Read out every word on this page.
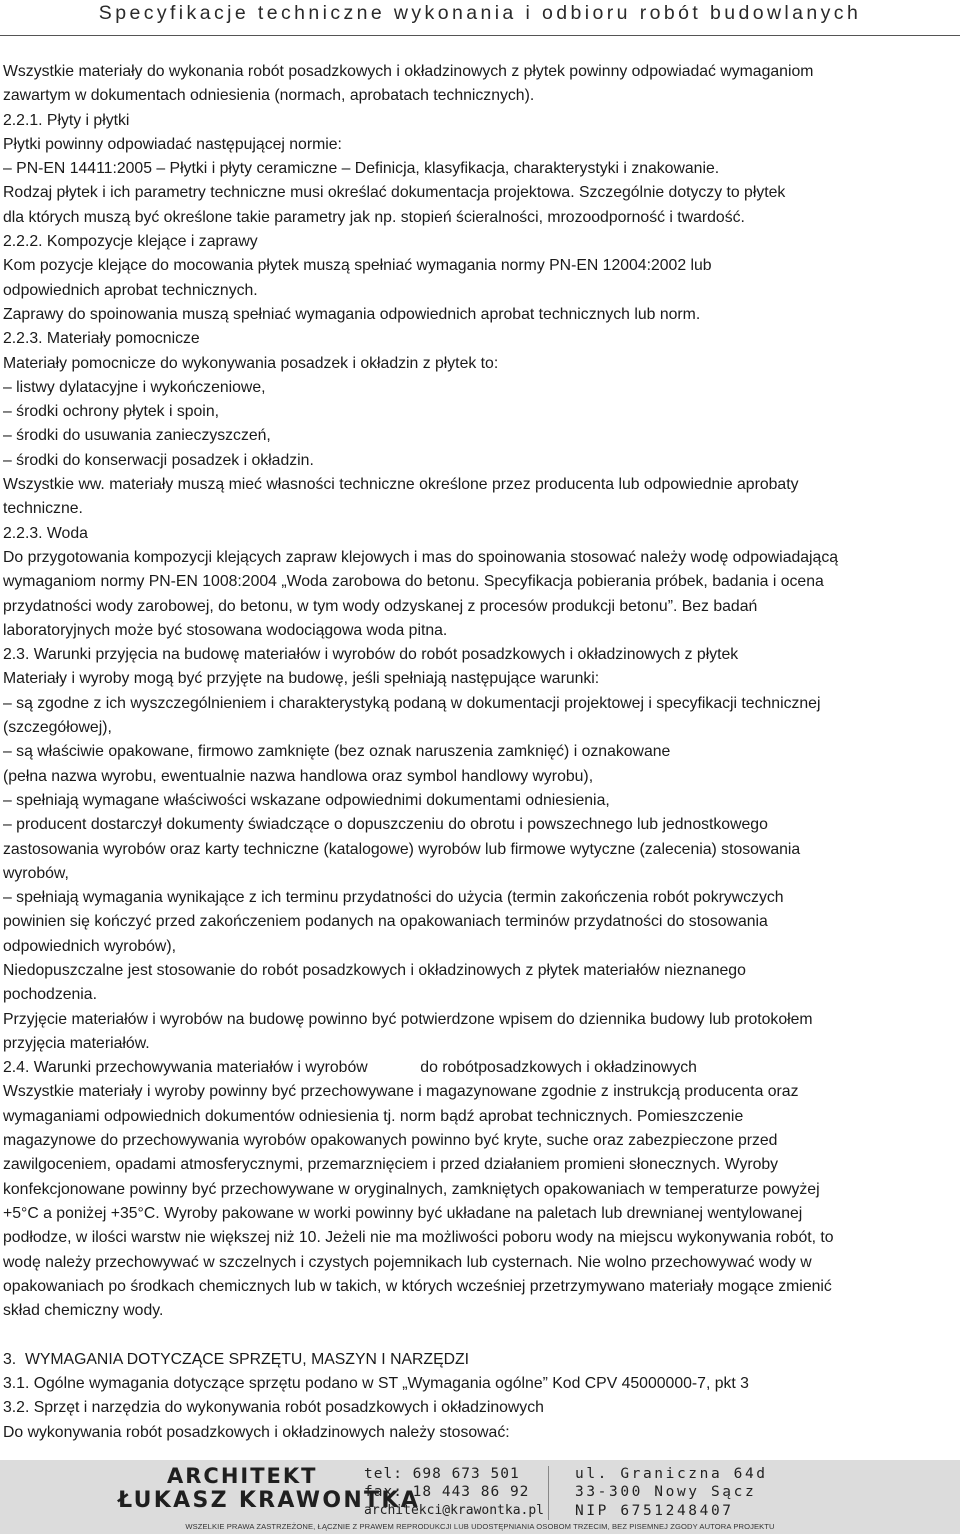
Specyfikacje techniczne wykonania i odbioru robót budowlanych

Wszystkie materiały do wykonania robót posadzkowych i okładzinowych z płytek powinny odpowiadać wymaganiom

zawartym w dokumentach odniesienia (normach, aprobatach technicznych).

2.2.1. Płyty i płytki

Płytki powinny odpowiadać następującej normie:

– PN-EN 14411:2005 – Płytki i płyty ceramiczne – Definicja, klasyfikacja, charakterystyki i znakowanie.

Rodzaj płytek i ich parametry techniczne musi określać dokumentacja projektowa. Szczególnie dotyczy to płytek

dla których muszą być określone takie parametry jak np. stopień ścieralności, mrozoodporność i twardość.

2.2.2. Kompozycje klejące i zaprawy

Kom pozycje klejące do mocowania płytek muszą spełniać wymagania normy PN-EN 12004:2002 lub

odpowiednich aprobat technicznych.

Zaprawy do spoinowania muszą spełniać wymagania odpowiednich aprobat technicznych lub norm.

2.2.3. Materiały pomocnicze

Materiały pomocnicze do wykonywania posadzek i okładzin z płytek to:

– listwy dylatacyjne i wykończeniowe,

– środki ochrony płytek i spoin,

– środki do usuwania zanieczyszczeń,

– środki do konserwacji posadzek i okładzin.

Wszystkie ww. materiały muszą mieć własności techniczne określone przez producenta lub odpowiednie aprobaty

techniczne.

2.2.3. Woda

Do przygotowania kompozycji klejących zapraw klejowych i mas do spoinowania stosować należy wodę odpowiadającą

wymaganiom normy PN-EN 1008:2004 „Woda zarobowa do betonu. Specyfikacja pobierania próbek, badania i ocena

przydatności wody zarobowej, do betonu, w tym wody odzyskanej z procesów produkcji betonu”. Bez badań

laboratoryjnych może być stosowana wodociągowa woda pitna.

2.3. Warunki przyjęcia na budowę materiałów i wyrobów do robót posadzkowych i okładzinowych z płytek

Materiały i wyroby mogą być przyjęte na budowę, jeśli spełniają następujące warunki:

– są zgodne z ich wyszczególnieniem i charakterystyką podaną w dokumentacji projektowej i specyfikacji technicznej

(szczegółowej),

– są właściwie opakowane, firmowo zamknięte (bez oznak naruszenia zamknięć) i oznakowane

(pełna nazwa wyrobu, ewentualnie nazwa handlowa oraz symbol handlowy wyrobu),

– spełniają wymagane właściwości wskazane odpowiednimi dokumentami odniesienia,

– producent dostarczył dokumenty świadczące o dopuszczeniu do obrotu i powszechnego lub jednostkowego

zastosowania wyrobów oraz karty techniczne (katalogowe) wyrobów lub firmowe wytyczne (zalecenia) stosowania

wyrobów,

– spełniają wymagania wynikające z ich terminu przydatności do użycia (termin zakończenia robót pokrywczych

powinien się kończyć przed zakończeniem podanych na opakowaniach terminów przydatności do stosowania

odpowiednich wyrobów),

Niedopuszczalne jest stosowanie do robót posadzkowych i okładzinowych z płytek materiałów nieznanego

pochodzenia.

Przyjęcie materiałów i wyrobów na budowę powinno być potwierdzone wpisem do dziennika budowy lub protokołem

przyjęcia materiałów.

2.4. Warunki przechowywania materiałów i wyrobów            do robótposadzkowych i okładzinowych

Wszystkie materiały i wyroby powinny być przechowywane i magazynowane zgodnie z instrukcją producenta oraz

wymaganiami odpowiednich dokumentów odniesienia tj. norm bądź aprobat technicznych. Pomieszczenie

magazynowe do przechowywania wyrobów opakowanych powinno być kryte, suche oraz zabezpieczone przed

zawilgoceniem, opadami atmosferycznymi, przemarznięciem i przed działaniem promieni słonecznych. Wyroby

konfekcjonowane powinny być przechowywane w oryginalnych, zamkniętych opakowaniach w temperaturze powyżej

+5°C a poniżej +35°C. Wyroby pakowane w worki powinny być układane na paletach lub drewnianej wentylowanej

podłodze, w ilości warstw nie większej niż 10. Jeżeli nie ma możliwości poboru wody na miejscu wykonywania robót, to

wodę należy przechowywać w szczelnych i czystych pojemnikach lub cysternach. Nie wolno przechowywać wody w

opakowaniach po środkach chemicznych lub w takich, w których wcześniej przetrzymywano materiały mogące zmienić

skład chemiczny wody.

3.  WYMAGANIA DOTYCZĄCE SPRZĘTU, MASZYN I NARZĘDZI

3.1. Ogólne wymagania dotyczące sprzętu podano w ST „Wymagania ogólne” Kod CPV 45000000-7, pkt 3

3.2. Sprzęt i narzędzia do wykonywania robót posadzkowych i okładzinowych

Do wykonywania robót posadzkowych i okładzinowych należy stosować:

ARCHITEKT
ŁUKASZ KRAWONTKA
tel: 698 673 501
fax: 18 443 86 92
architekci@krawontka.pl
ul. Graniczna 64d
33-300 Nowy Sącz
NIP 6751248407
WSZELKIE PRAWA ZASTRZEŻONE, ŁĄCZNIE Z PRAWEM REPRODUKCJI LUB UDOSTĘPNIANIA OSOBOM TRZECIM, BEZ PISEMNEJ ZGODY AUTORA PROJEKTU
